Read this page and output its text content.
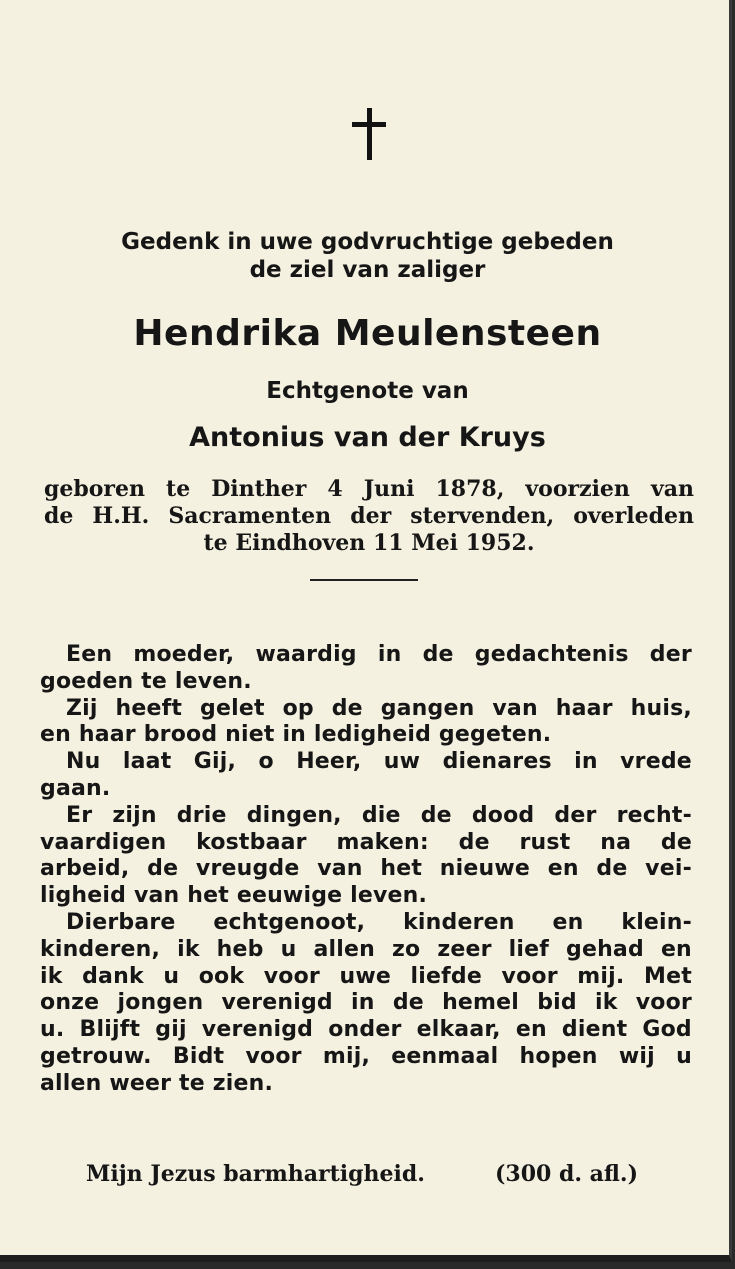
Gedenk in uwe godvruchtige gebeden
de ziel van zaliger
Hendrika Meulensteen
Echtgenote van
Antonius van der Kruys
geboren te Dinther 4 Juni 1878, voorzien van
de H.H. Sacramenten der stervenden, overleden
te Eindhoven 11 Mei 1952.
Een moeder, waardig in de gedachtenis der
goeden te leven.
Zij heeft gelet op de gangen van haar huis,
en haar brood niet in ledigheid gegeten.
Nu laat Gij, o Heer, uw dienares in vrede
gaan.
Er zijn drie dingen, die de dood der recht-
vaardigen kostbaar maken: de rust na de
arbeid, de vreugde van het nieuwe en de vei-
ligheid van het eeuwige leven.
Dierbare echtgenoot, kinderen en klein-
kinderen, ik heb u allen zo zeer lief gehad en
ik dank u ook voor uwe liefde voor mij. Met
onze jongen verenigd in de hemel bid ik voor
u. Blijft gij verenigd onder elkaar, en dient God
getrouw. Bidt voor mij, eenmaal hopen wij u
allen weer te zien.
Mijn Jezus barmhartigheid.	(300 d. afl.)
